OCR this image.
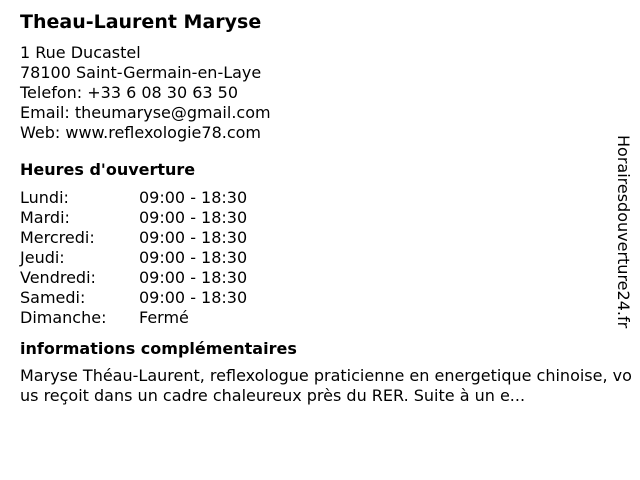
Theau-Laurent Maryse
1 Rue Ducastel
78100 Saint-Germain-en-Laye
Telefon: +33 6 08 30 63 50
Email: theumaryse@gmail.com
Web: www.reflexologie78.com
Heures d'ouverture
Lundi:	09:00 - 18:30
Mardi:	09:00 - 18:30
Mercredi:	09:00 - 18:30
Jeudi:	09:00 - 18:30
Vendredi:	09:00 - 18:30
Samedi:	09:00 - 18:30
Dimanche: Fermé
informations complémentaires
Maryse Théau-Laurent, reflexologue praticienne en energetique chinoise, vous reçoit dans un cadre chaleureux près du RER. Suite à un e...
Horairesdouverture24.fr
